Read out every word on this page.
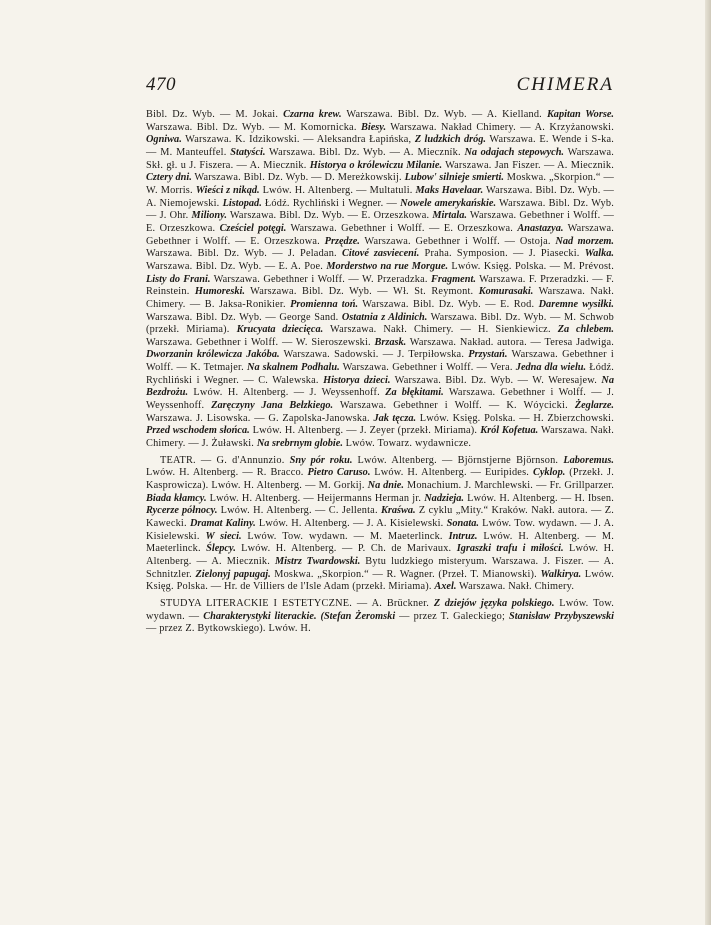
470	CHIMERA

Bibl. Dz. Wyb. — M. Jokai. Czarna krew. Warszawa. Bibl. Dz. Wyb. — A. Kielland. Kapitan Worse. Warszawa. Bibl. Dz. Wyb. — M. Komornicka. Biesy. Warszawa. Nakład Chimery. — A. Krzyżanowski. Ogniwa. Warszawa. K. Idzikowski. — Aleksandra Łapińska, Z ludzkich dróg. Warszawa. E. Wende i S-ka. — M. Manteuffel. Statyści. Warszawa. Bibl. Dz. Wyb. — A. Mieczník. Na odajach stepowych. Warszawa. Skł. gł. u J. Fiszera. — A. Miecznik. Historya o królewiczu Milanie. Warszawa. Jan Fiszer. — A. Miecznik. Cztery dni. Warszawa. Bibl. Dz. Wyb. — D. Mereżkowskij. Lubow' silnieje smierti. Moskwa. „Skorpion.“ — W. Morris. Wieści z nikąd. Lwów. H. Altenberg. — Multatuli. Maks Havelaar. Warszawa. Bibl. Dz. Wyb. — A. Niemojewski. Listopad. Łódź. Rychliński i Wegner. — Nowele amerykańskie. Warszawa. Bibl. Dz. Wyb. — J. Ohr. Miliony. Warszawa. Bibl. Dz. Wyb. — E. Orzeszkowa. Mirtala. Warszawa. Gebethner i Wolff. — E. Orzeszkowa. Cześciel potęgi. Warszawa. Gebethner i Wolff. — E. Orzeszkowa. Anastazya. Warszawa. Gebethner i Wolff. — E. Orzeszkowa. Przędze. Warszawa. Gebethner i Wolff. — Ostoja. Nad morzem. Warszawa. Bibl. Dz. Wyb. — J. Peladan. Citové zasviecení. Praha. Symposion. — J. Piasecki. Walka. Warszawa. Bibl. Dz. Wyb. — E. A. Poe. Morderstwo na rue Morgue. Lwów. Księg. Polska. — M. Prévost. Listy do Frani. Warszawa. Gebethner i Wolff. — W. Przeradzka. Fragment. Warszawa. F. Przeradzki. — F. Reinstein. Humoreski. Warszawa. Bibl. Dz. Wyb. — Wł. St. Reymont. Komurasaki. Warszawa. Nakł. Chimery. — B. Jaksa-Ronikier. Promienna toń. Warszawa. Bibl. Dz. Wyb. — E. Rod. Daremne wysiłki. Warszawa. Bibl. Dz. Wyb. — George Sand. Ostatnia z Aldinich. Warszawa. Bibl. Dz. Wyb. — M. Schwob (przekł. Miriama). Krucyata dziecięca. Warszawa. Nakł. Chimery. — H. Sienkiewicz. Za chlebem. Warszawa. Gebethner i Wolff. — W. Sieroszewski. Brzask. Warszawa. Nakład. autora. — Teresa Jadwiga. Dworzanin królewicza Jakóba. Warszawa. Sadowski. — J. Terpiłowska. Przystań. Warszawa. Gebethner i Wolff. — K. Tetmajer. Na skalnem Podhalu. Warszawa. Gebethner i Wolff. — Vera. Jedna dla wielu. Łódź. Rychliński i Wegner. — C. Walewska. Historya dzieci. Warszawa. Bibl. Dz. Wyb. — W. Weresajew. Na Bezdrożu. Lwów. H. Altenberg. — J. Weyssenhoff. Za błękitami. Warszawa. Gebethner i Wolff. — J. Weyssenhoff. Zaręczyny Jana Bełzkiego. Warszawa. Gebethner i Wolff. — K. Wóycicki. Żeglarze. Warszawa. J. Lisowska. — G. Zapolska-Janowska. Jak tęcza. Lwów. Księg. Polska. — H. Zbierzchowski. Przed wschodem słońca. Lwów. H. Altenberg. — J. Zeyer (przekł. Miriama). Król Kofetua. Warszawa. Nakł. Chimery. — J. Żuławski. Na srebrnym globie. Lwów. Towarz. wydawnicze.

TEATR. — G. d'Annunzio. Sny pór roku. Lwów. Altenberg. — Björnstjerne Björnson. Laboremus. Lwów. H. Altenberg. — R. Bracco. Pietro Caruso. Lwów. H. Altenberg. — Euripides. Cyklop. (Przekł. J. Kasprowicza). Lwów. H. Altenberg. — M. Gorkij. Na dnie. Monachium. J. Marchlewski. — Fr. Grillparzer. Biada kłamcy. Lwów. H. Altenberg. — Heijermanns Herman jr. Nadzieja. Lwów. H. Altenberg. — H. Ibsen. Rycerze północy. Lwów. H. Altenberg. — C. Jellenta. Kraśwa. Z cyklu „Mity.“ Kraków. Nakł. autora. — Z. Kawecki. Dramat Kaliny. Lwów. H. Altenberg. — J. A. Kisielewski. Sonata. Lwów. Tow. wydawn. — J. A. Kisielewski. W sieci. Lwów. Tow. wydawn. — M. Maeterlinck. Intruz. Lwów. H. Altenberg. — M. Maeterlinck. Ślepcy. Lwów. H. Altenberg. — P. Ch. de Marivaux. Igraszki trafu i miłości. Lwów. H. Altenberg. — A. Miecznik. Mistrz Twardowski. Bytu ludzkiego misteryum. Warszawa. J. Fiszer. — A. Schnitzler. Zielonyj papugaj. Moskwa. „Skorpion.“ — R. Wagner. (Przeł. T. Mianowski). Walkirya. Lwów. Księg. Polska. — Hr. de Villiers de l'Isle Adam (przekł. Miriama). Axel. Warszawa. Nakł. Chimery.

STUDYA LITERACKIE I ESTETYCZNE. — A. Brückner. Z dziejów języka polskiego. Lwów. Tow. wydawn. — Charakterystyki literackie. (Stefan Żeromski — przez T. Galeckiego; Stanisław Przybyszewski — przez Z. Bytkowskiego). Lwów. H.
